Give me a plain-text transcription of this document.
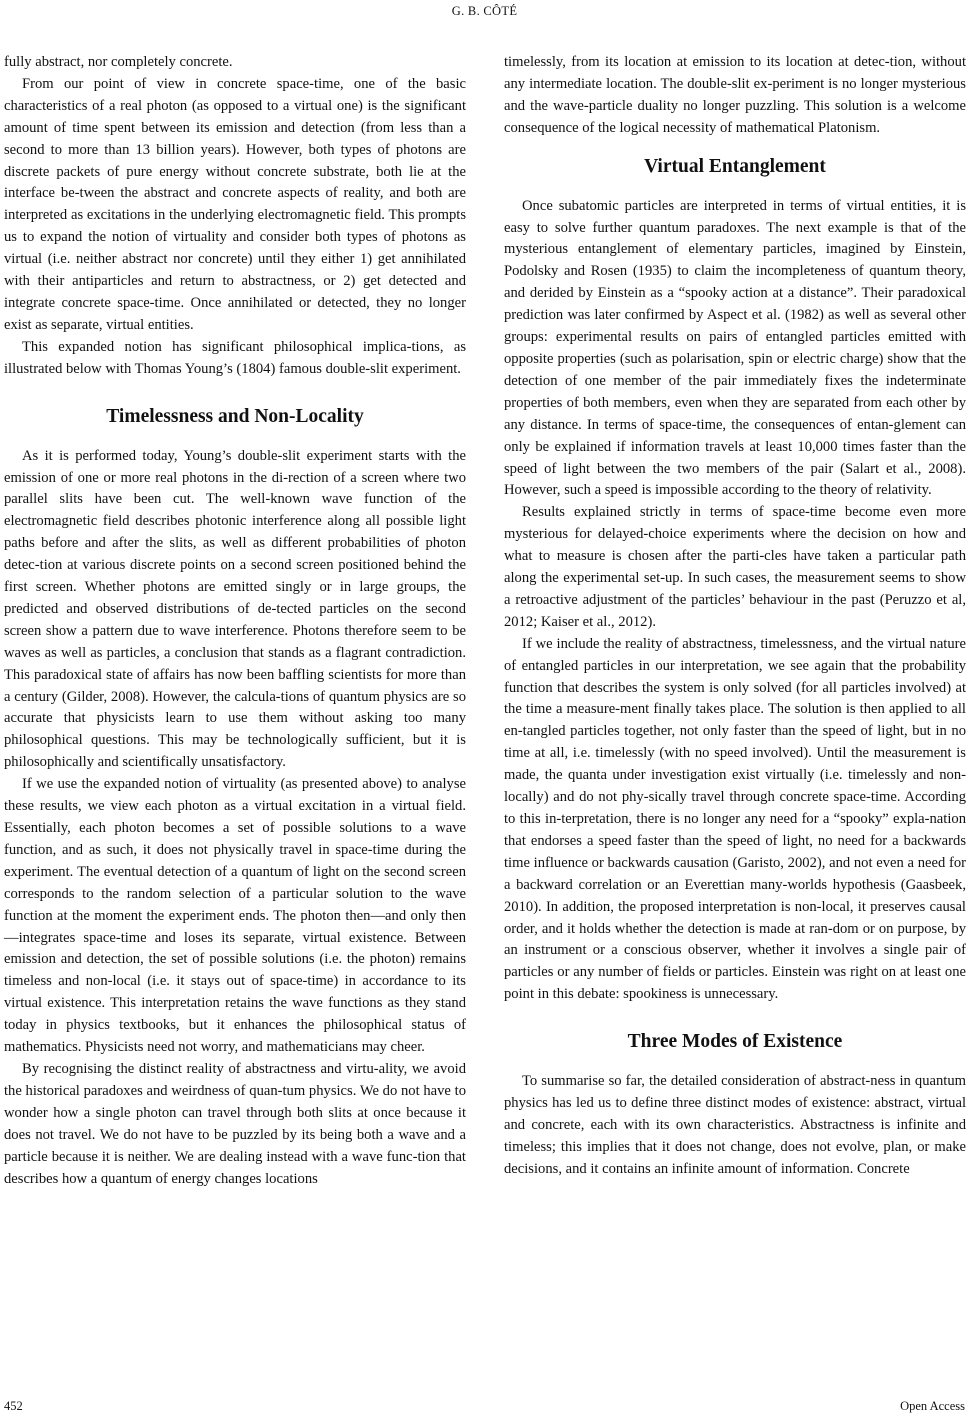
G. B. CÔTÉ

fully abstract, nor completely concrete.

From our point of view in concrete space-time, one of the basic characteristics of a real photon (as opposed to a virtual one) is the significant amount of time spent between its emission and detection (from less than a second to more than 13 billion years). However, both types of photons are discrete packets of pure energy without concrete substrate, both lie at the interface be-tween the abstract and concrete aspects of reality, and both are interpreted as excitations in the underlying electromagnetic field. This prompts us to expand the notion of virtuality and consider both types of photons as virtual (i.e. neither abstract nor concrete) until they either 1) get annihilated with their antiparticles and return to abstractness, or 2) get detected and integrate concrete space-time. Once annihilated or detected, they no longer exist as separate, virtual entities.

This expanded notion has significant philosophical implica-tions, as illustrated below with Thomas Young’s (1804) famous double-slit experiment.

Timelessness and Non-Locality

As it is performed today, Young’s double-slit experiment starts with the emission of one or more real photons in the di-rection of a screen where two parallel slits have been cut. The well-known wave function of the electromagnetic field describes photonic interference along all possible light paths before and after the slits, as well as different probabilities of photon detec-tion at various discrete points on a second screen positioned behind the first screen. Whether photons are emitted singly or in large groups, the predicted and observed distributions of de-tected particles on the second screen show a pattern due to wave interference. Photons therefore seem to be waves as well as particles, a conclusion that stands as a flagrant contradiction. This paradoxical state of affairs has now been baffling scientists for more than a century (Gilder, 2008). However, the calcula-tions of quantum physics are so accurate that physicists learn to use them without asking too many philosophical questions. This may be technologically sufficient, but it is philosophically and scientifically unsatisfactory.

If we use the expanded notion of virtuality (as presented above) to analyse these results, we view each photon as a virtual excitation in a virtual field. Essentially, each photon becomes a set of possible solutions to a wave function, and as such, it does not physically travel in space-time during the experiment. The eventual detection of a quantum of light on the second screen corresponds to the random selection of a particular solution to the wave function at the moment the experiment ends. The photon then—and only then—integrates space-time and loses its separate, virtual existence. Between emission and detection, the set of possible solutions (i.e. the photon) remains timeless and non-local (i.e. it stays out of space-time) in accordance to its virtual existence. This interpretation retains the wave functions as they stand today in physics textbooks, but it enhances the philosophical status of mathematics. Physicists need not worry, and mathematicians may cheer.

By recognising the distinct reality of abstractness and virtu-ality, we avoid the historical paradoxes and weirdness of quan-tum physics. We do not have to wonder how a single photon can travel through both slits at once because it does not travel. We do not have to be puzzled by its being both a wave and a particle because it is neither. We are dealing instead with a wave func-tion that describes how a quantum of energy changes locations

timelessly, from its location at emission to its location at detec-tion, without any intermediate location. The double-slit ex-periment is no longer mysterious and the wave-particle duality no longer puzzling. This solution is a welcome consequence of the logical necessity of mathematical Platonism.

Virtual Entanglement

Once subatomic particles are interpreted in terms of virtual entities, it is easy to solve further quantum paradoxes. The next example is that of the mysterious entanglement of elementary particles, imagined by Einstein, Podolsky and Rosen (1935) to claim the incompleteness of quantum theory, and derided by Einstein as a “spooky action at a distance”. Their paradoxical prediction was later confirmed by Aspect et al. (1982) as well as several other groups: experimental results on pairs of entangled particles emitted with opposite properties (such as polarisation, spin or electric charge) show that the detection of one member of the pair immediately fixes the indeterminate properties of both members, even when they are separated from each other by any distance. In terms of space-time, the consequences of entan-glement can only be explained if information travels at least 10,000 times faster than the speed of light between the two members of the pair (Salart et al., 2008). However, such a speed is impossible according to the theory of relativity.

Results explained strictly in terms of space-time become even more mysterious for delayed-choice experiments where the decision on how and what to measure is chosen after the parti-cles have taken a particular path along the experimental set-up. In such cases, the measurement seems to show a retroactive adjustment of the particles’ behaviour in the past (Peruzzo et al, 2012; Kaiser et al., 2012).

If we include the reality of abstractness, timelessness, and the virtual nature of entangled particles in our interpretation, we see again that the probability function that describes the system is only solved (for all particles involved) at the time a measure-ment finally takes place. The solution is then applied to all en-tangled particles together, not only faster than the speed of light, but in no time at all, i.e. timelessly (with no speed involved). Until the measurement is made, the quanta under investigation exist virtually (i.e. timelessly and non-locally) and do not phy-sically travel through concrete space-time. According to this in-terpretation, there is no longer any need for a “spooky” expla-nation that endorses a speed faster than the speed of light, no need for a backwards time influence or backwards causation (Garisto, 2002), and not even a need for a backward correlation or an Everettian many-worlds hypothesis (Gaasbeek, 2010). In addition, the proposed interpretation is non-local, it preserves causal order, and it holds whether the detection is made at ran-dom or on purpose, by an instrument or a conscious observer, whether it involves a single pair of particles or any number of fields or particles. Einstein was right on at least one point in this debate: spookiness is unnecessary.

Three Modes of Existence

To summarise so far, the detailed consideration of abstract-ness in quantum physics has led us to define three distinct modes of existence: abstract, virtual and concrete, each with its own characteristics. Abstractness is infinite and timeless; this implies that it does not change, does not evolve, plan, or make decisions, and it contains an infinite amount of information. Concrete

452	Open Access
